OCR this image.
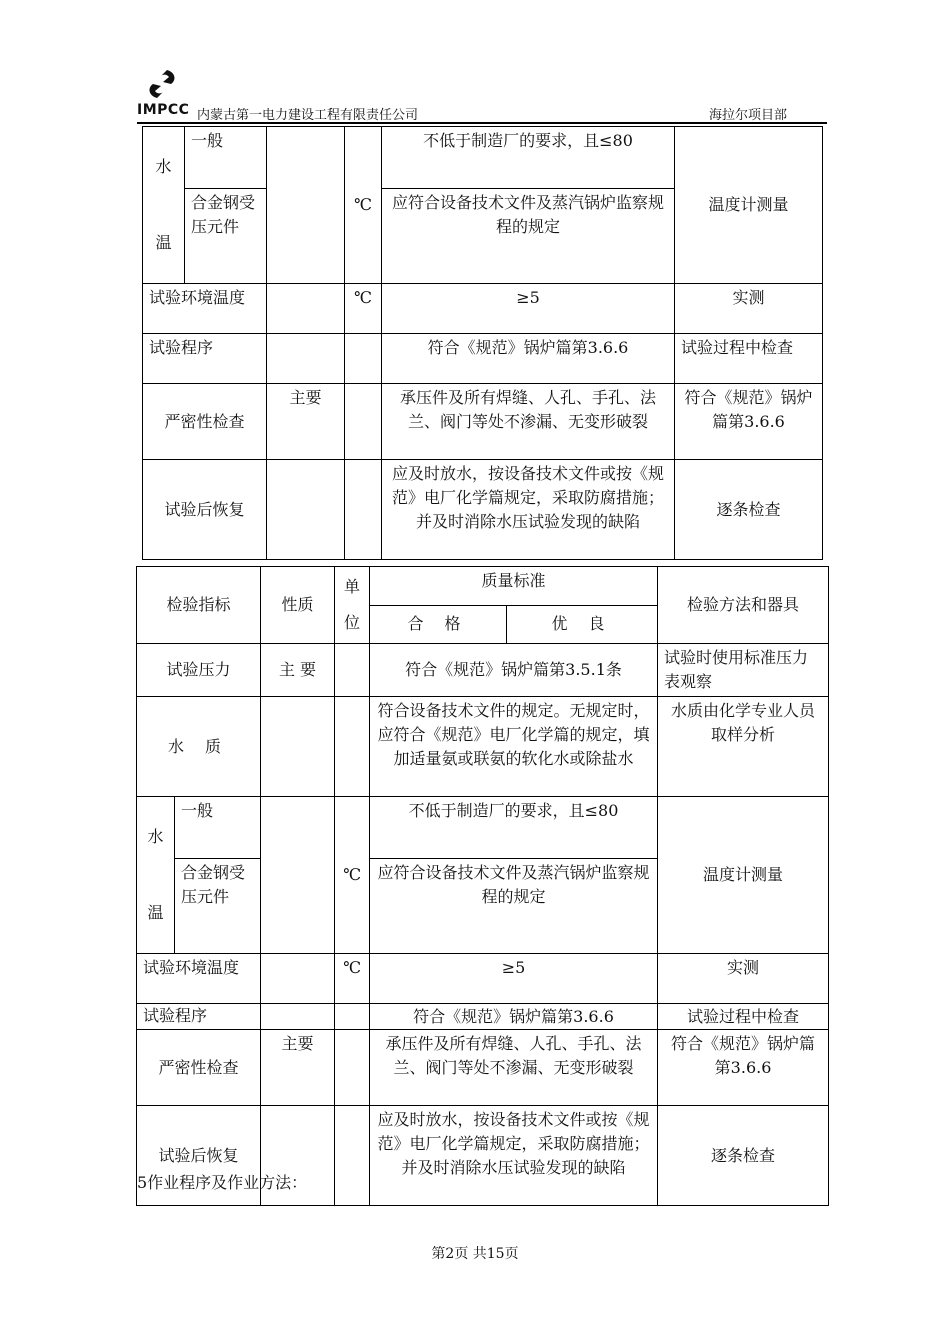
IMPCC 内蒙古第一电力建设工程有限责任公司	海拉尔项目部
水温	一般		℃	不低于制造厂的要求，且≤80	温度计测量
	合金钢受压元件			应符合设备技术文件及蒸汽锅炉监察规程的规定	
试验环境温度			℃	≥5	实测
试验程序				符合《规范》锅炉篇第3.6.6	试验过程中检查
严密性检查		主要		承压件及所有焊缝、人孔、手孔、法兰、阀门等处不渗漏、无变形破裂	符合《规范》锅炉篇第3.6.6
试验后恢复				应及时放水，按设备技术文件或按《规范》电厂化学篇规定，采取防腐措施；并及时消除水压试验发现的缺陷	逐条检查
检验指标		性质	单位	质量标准		检验方法和器具
				合 格	优 良	
试验压力		主 要		符合《规范》锅炉篇第3.5.1条		试验时使用标准压力表观察
水 质				符合设备技术文件的规定。无规定时，应符合《规范》电厂化学篇的规定，填加适量氨或联氨的软化水或除盐水		水质由化学专业人员取样分析
水温	一般		℃	不低于制造厂的要求，且≤80		温度计测量
	合金钢受压元件			应符合设备技术文件及蒸汽锅炉监察规程的规定		
试验环境温度			℃	≥5		实测
试验程序				符合《规范》锅炉篇第3.6.6		试验过程中检查
严密性检查		主要		承压件及所有焊缝、人孔、手孔、法兰、阀门等处不渗漏、无变形破裂		符合《规范》锅炉篇第3.6.6
试验后恢复				应及时放水，按设备技术文件或按《规范》电厂化学篇规定，采取防腐措施；并及时消除水压试验发现的缺陷		逐条检查
5作业程序及作业方法：
第2页 共15页
